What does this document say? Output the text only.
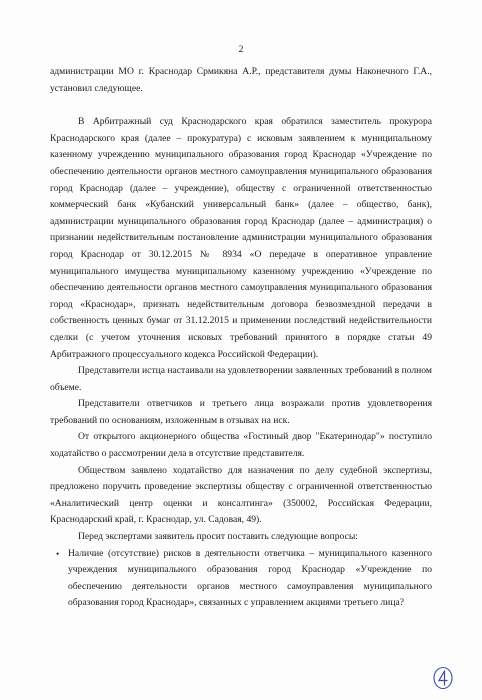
2

администрации МО г. Краснодар Срмикяна А.Р., представителя думы Наконечного Г.А., установил следующее.

В Арбитражный суд Краснодарского края обратился заместитель прокурора Краснодарского края (далее – прокуратура) с исковым заявлением к муниципальному казенному учреждению муниципального образования город Краснодар «Учреждение по обеспечению деятельности органов местного самоуправления муниципального образования город Краснодар (далее – учреждение), обществу с ограниченной ответственностью коммерческий банк «Кубанский универсальный банк» (далее – общество, банк), администрации муниципального образования город Краснодар (далее – администрация) о признании недействительным постановление администрации муниципального образования город Краснодар от 30.12.2015 № 8934 «О передаче в оперативное управление муниципального имущества муниципальному казенному учреждению «Учреждение по обеспечению деятельности органов местного самоуправления муниципального образования город «Краснодар», признать недействительным договора безвозмездной передачи в собственность ценных бумаг от 31.12.2015 и применении последствий недействительности сделки (с учетом уточнения исковых требований принятого в порядке статьи 49 Арбитражного процессуального кодекса Российской Федерации).

Представители истца настаивали на удовлетворении заявленных требований в полном объеме.

Представители ответчиков и третьего лица возражали против удовлетворения требований по основаниям, изложенным в отзывах на иск.

От открытого акционерного общества «Гостиный двор "Екатеринодар"» поступило ходатайство о рассмотрении дела в отсутствие представителя.

Обществом заявлено ходатайство для назначения по делу судебной экспертизы, предложено поручить проведение экспертизы обществу с ограниченной ответственностью «Аналитический центр оценки и консалтинга» (350002, Российская Федерации, Краснодарский край, г. Краснодар, ул. Садовая, 49).

Перед экспертами заявитель просит поставить следующие вопросы:

• Наличие (отсутствие) рисков в деятельности ответчика – муниципального казенного учреждения муниципального образования город Краснодар «Учреждение по обеспечению деятельности органов местного самоуправления муниципального образования город Краснодар», связанных с управлением акциями третьего лица?
